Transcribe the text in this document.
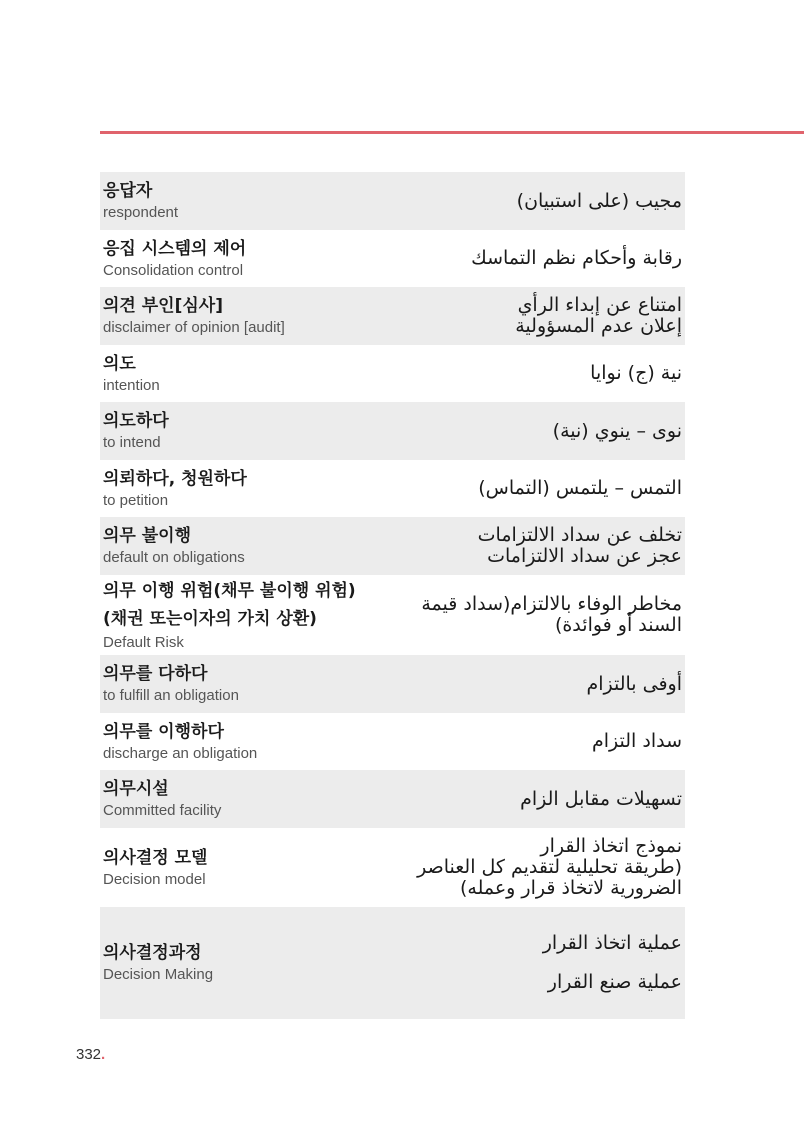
응답자
respondent
مجيب (على استبيان)
응집 시스템의 제어
Consolidation control
رقابة وأحكام نظم التماسك
의견 부인[심사]
disclaimer of opinion [audit]
امتناع عن إبداء الرأي
إعلان عدم المسؤولية
의도
intention
نية (ج) نوايا
의도하다
to intend
نوى – ينوي (نية)
의뢰하다, 청원하다
to petition
التمس – يلتمس (التماس)
의무 불이행
default on obligations
تخلف عن سداد الالتزامات
عجز عن سداد الالتزامات
의무 이행 위험(채무 불이행 위험)
(채권 또는이자의 가치 상환)
Default Risk
مخاطر الوفاء بالالتزام(سداد قيمة
السند أو فوائدة)
의무를 다하다
to fulfill an obligation
أوفى بالتزام
의무를 이행하다
discharge an obligation
سداد التزام
의무시설
Committed facility
تسهيلات مقابل الزام
의사결정 모델
Decision model
نموذج اتخاذ القرار
(طريقة تحليلية لتقديم كل العناصر
الضرورية لاتخاذ قرار وعمله)
의사결정과정
Decision Making
عملية اتخاذ القرار
عملية صنع القرار
332.
